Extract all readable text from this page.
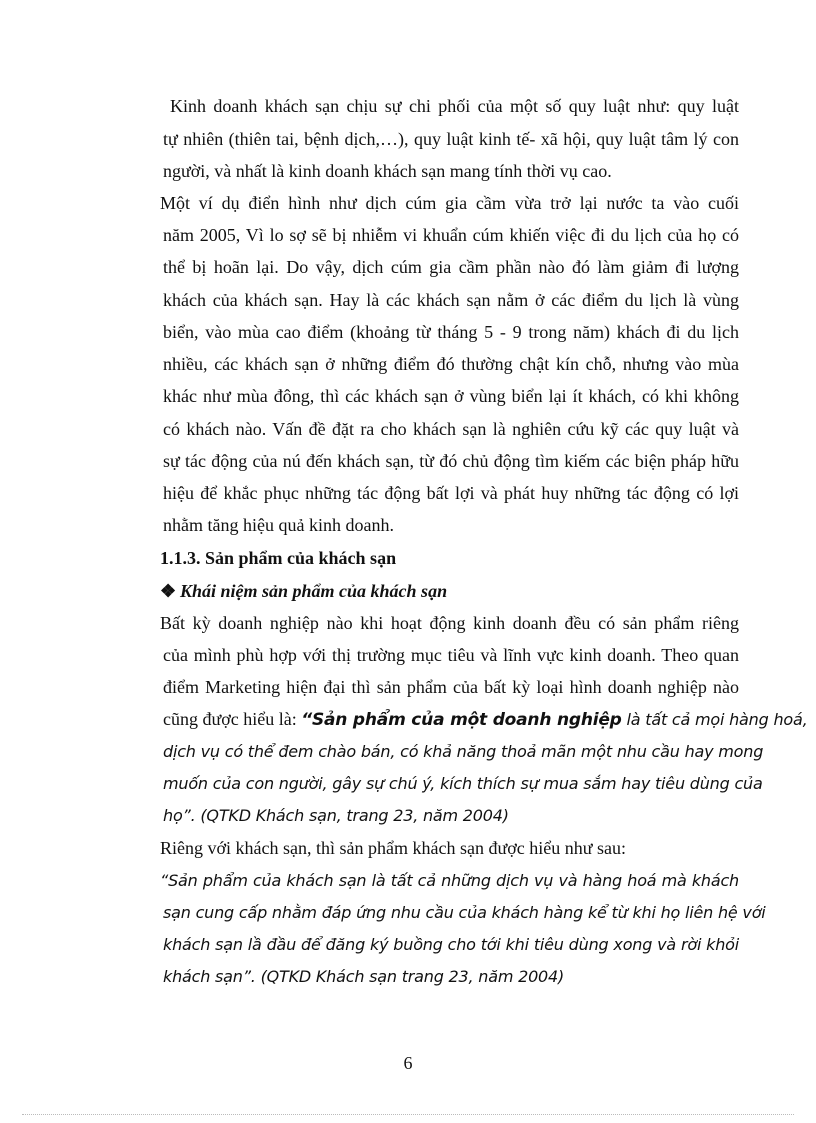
Kinh doanh khách sạn chịu sự chi phối của một số quy luật như: quy luật
tự nhiên (thiên tai, bệnh dịch,…), quy luật kinh tế- xã hội, quy luật tâm lý con
người, và nhất là kinh doanh khách sạn mang tính thời vụ cao.
Một ví dụ điển hình như dịch cúm gia cầm vừa trở lại nước ta vào cuối
năm 2005, Vì lo sợ sẽ bị nhiễm vi khuẩn cúm khiến việc đi du lịch của họ có
thể bị hoãn lại. Do vậy, dịch cúm gia cầm phần nào đó làm giảm đi lượng
khách của khách sạn. Hay là các khách sạn nằm ở các điểm du lịch là vùng
biển, vào mùa cao điểm (khoảng từ tháng 5 - 9 trong năm) khách đi du lịch
nhiều, các khách sạn ở những điểm đó thường chật kín chỗ, nhưng vào mùa
khác như mùa đông, thì các khách sạn ở vùng biển lại ít khách, có khi không
có khách nào. Vấn đề đặt ra cho khách sạn là nghiên cứu kỹ các quy luật và
sự tác động của nú đến khách sạn, từ đó chủ động tìm kiếm các biện pháp hữu
hiệu để khắc phục những tác động bất lợi và phát huy những tác động có lợi
nhằm tăng hiệu quả kinh doanh.
1.1.3. Sản phẩm của khách sạn
❖ Khái niệm sản phẩm của khách sạn
Bất kỳ doanh nghiệp nào khi hoạt động kinh doanh đều có sản phẩm riêng
của mình phù hợp với thị trường mục tiêu và lĩnh vực kinh doanh. Theo quan
điểm Marketing hiện đại thì sản phẩm của bất kỳ loại hình doanh nghiệp nào
cũng được hiểu là: “Sản phẩm của một doanh nghiệp là tất cả mọi hàng hoá,
dịch vụ có thể đem chào bán, có khả năng thoả mãn một nhu cầu hay mong
muốn của con người, gây sự chú ý, kích thích sự mua sắm hay tiêu dùng của
họ”. (QTKD Khách sạn, trang 23, năm 2004)
Riêng với khách sạn, thì sản phẩm khách sạn được hiểu như sau:
“Sản phẩm của khách sạn là tất cả những dịch vụ và hàng hoá mà khách
sạn cung cấp nhằm đáp ứng nhu cầu của khách hàng kể từ khi họ liên hệ với
khách sạn lầ đầu để đăng ký buồng cho tới khi tiêu dùng xong và rời khỏi
khách sạn”. (QTKD Khách sạn trang 23, năm 2004)
6
